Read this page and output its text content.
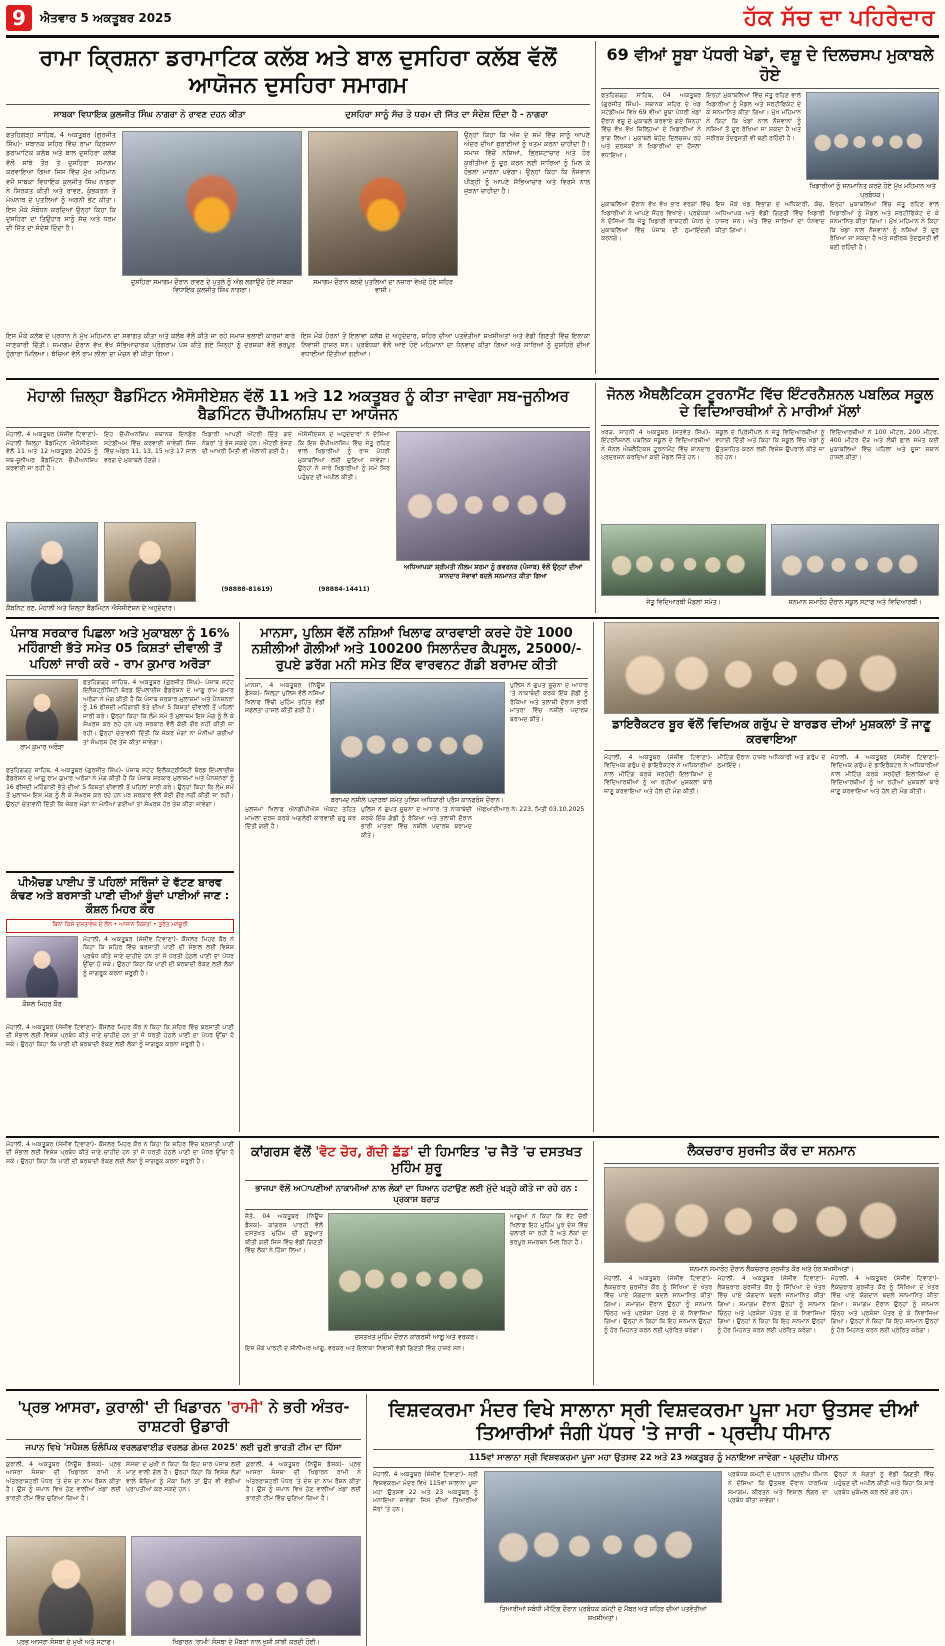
9	ਐਤਵਾਰ 5 ਅਕਤੂਬਰ 2025	ਹੱਕ ਸੱਚ ਦਾ ਪਹਿਰੇਦਾਰ
ਰਾਮਾ ਕ੍ਰਿਸ਼ਨਾ ਡਰਾਮਾਟਿਕ ਕਲੱਬ ਅਤੇ ਬਾਲ ਦੁਸਹਿਰਾ ਕਲੱਬ ਵੱਲੋਂ ਆਯੋਜਨ ਦੁਸਹਿਰਾ ਸਮਾਗਮ
ਸਾਬਕਾ ਵਿਧਾਇਕ ਕੁਲਜੀਤ ਸਿੰਘ ਨਾਗਰਾ ਨੇ ਰਾਵਣ ਦਹਨ ਕੀਤਾ	ਦੁਸਹਿਰਾ ਸਾਨੂੰ ਸੱਚ ਤੇ ਧਰਮ ਦੀ ਜਿੱਤ ਦਾ ਸੰਦੇਸ਼ ਦਿੰਦਾ ਹੈ - ਨਾਗਰਾ
ਫਤਹਿਗੜ੍ਹ ਸਾਹਿਬ, 4 ਅਕਤੂਬਰ (ਗੁਰਜੀਤ ਸਿੰਘ)- ਸਥਾਨਕ ਸ਼ਹਿਰ ਵਿੱਚ ਰਾਮਾ ਕ੍ਰਿਸ਼ਨਾ ਡਰਾਮਾਟਿਕ ਕਲੱਬ ਅਤੇ ਬਾਲ ਦੁਸਹਿਰਾ ਕਲੱਬ ਵੱਲੋਂ ਸਾਂਝੇ ਤੌਰ ਤੇ ਦੁਸਹਿਰਾ ਸਮਾਗਮ ਕਰਵਾਇਆ ਗਿਆ ਜਿਸ ਵਿੱਚ ਮੁੱਖ ਮਹਿਮਾਨ ਵਜੋਂ ਸਾਬਕਾ ਵਿਧਾਇਕ ਕੁਲਜੀਤ ਸਿੰਘ ਨਾਗਰਾ ਨੇ ਸ਼ਿਰਕਤ ਕੀਤੀ ਅਤੇ ਰਾਵਣ, ਕੁੰਭਕਰਨ ਤੇ ਮੇਘਨਾਥ ਦੇ ਪੁਤਲਿਆਂ ਨੂੰ ਅਗਨੀ ਭੇਂਟ ਕੀਤਾ। ਇਸ ਮੌਕੇ ਸੰਬੋਧਨ ਕਰਦਿਆਂ ਉਨ੍ਹਾਂ ਕਿਹਾ ਕਿ ਦੁਸਹਿਰਾ ਦਾ ਤਿਉਹਾਰ ਸਾਨੂੰ ਸੱਚ ਅਤੇ ਧਰਮ ਦੀ ਜਿੱਤ ਦਾ ਸੰਦੇਸ਼ ਦਿੰਦਾ ਹੈ।
ਦੁਸਹਿਰਾ ਸਮਾਗਮ ਦੌਰਾਨ ਰਾਵਣ ਦੇ ਪੁਤਲੇ ਨੂੰ ਅੱਗ ਲਗਾਉਂਦੇ ਹੋਏ ਸਾਬਕਾ ਵਿਧਾਇਕ ਕੁਲਜੀਤ ਸਿੰਘ ਨਾਗਰਾ।
ਸਮਾਗਮ ਦੌਰਾਨ ਬਲਦੇ ਪੁਤਲਿਆਂ ਦਾ ਨਜ਼ਾਰਾ ਵੇਖਦੇ ਹੋਏ ਸ਼ਹਿਰ ਵਾਸੀ।
ਉਨ੍ਹਾਂ ਕਿਹਾ ਕਿ ਅੱਜ ਦੇ ਸਮੇਂ ਵਿੱਚ ਸਾਨੂੰ ਆਪਣੇ ਅੰਦਰ ਦੀਆਂ ਬੁਰਾਈਆਂ ਨੂੰ ਖਤਮ ਕਰਨਾ ਚਾਹੀਦਾ ਹੈ। ਸਮਾਜ ਵਿੱਚੋਂ ਨਸ਼ਿਆਂ, ਭ੍ਰਿਸ਼ਟਾਚਾਰ ਅਤੇ ਹੋਰ ਕੁਰੀਤੀਆਂ ਨੂੰ ਦੂਰ ਕਰਨ ਲਈ ਸਾਰਿਆਂ ਨੂੰ ਮਿਲ ਕੇ ਹੰਭਲਾ ਮਾਰਨਾ ਪਵੇਗਾ। ਉਨ੍ਹਾਂ ਕਿਹਾ ਕਿ ਨੌਜਵਾਨ ਪੀੜ੍ਹੀ ਨੂੰ ਆਪਣੇ ਸੱਭਿਆਚਾਰ ਅਤੇ ਵਿਰਸੇ ਨਾਲ ਜੁੜਨਾ ਚਾਹੀਦਾ ਹੈ।
ਇਸ ਮੌਕੇ ਕਲੱਬ ਦੇ ਪ੍ਰਧਾਨ ਨੇ ਮੁੱਖ ਮਹਿਮਾਨ ਦਾ ਸਵਾਗਤ ਕੀਤਾ ਅਤੇ ਕਲੱਬ ਵੱਲੋਂ ਕੀਤੇ ਜਾ ਰਹੇ ਸਮਾਜ ਭਲਾਈ ਕਾਰਜਾਂ ਬਾਰੇ ਜਾਣਕਾਰੀ ਦਿੱਤੀ। ਸਮਾਗਮ ਦੌਰਾਨ ਵੱਖ ਵੱਖ ਸੱਭਿਆਚਾਰਕ ਪ੍ਰੋਗਰਾਮ ਪੇਸ਼ ਕੀਤੇ ਗਏ ਜਿਨ੍ਹਾਂ ਨੂੰ ਦਰਸ਼ਕਾਂ ਵੱਲੋਂ ਭਰਪੂਰ ਹੁੰਗਾਰਾ ਮਿਲਿਆ। ਬੱਚਿਆਂ ਵੱਲੋਂ ਰਾਮ ਲੀਲਾ ਦਾ ਮੰਚਨ ਵੀ ਕੀਤਾ ਗਿਆ।
ਇਸ ਮੌਕੇ ਹੋਰਨਾਂ ਤੋਂ ਇਲਾਵਾ ਕਲੱਬ ਦੇ ਅਹੁਦੇਦਾਰ, ਸ਼ਹਿਰ ਦੀਆਂ ਪਤਵੰਤੀਆਂ ਸ਼ਖਸੀਅਤਾਂ ਅਤੇ ਵੱਡੀ ਗਿਣਤੀ ਵਿੱਚ ਇਲਾਕਾ ਨਿਵਾਸੀ ਹਾਜ਼ਰ ਸਨ। ਪ੍ਰਬੰਧਕਾਂ ਵੱਲੋਂ ਆਏ ਹੋਏ ਮਹਿਮਾਨਾਂ ਦਾ ਧੰਨਵਾਦ ਕੀਤਾ ਗਿਆ ਅਤੇ ਸਾਰਿਆਂ ਨੂੰ ਦੁਸਹਿਰੇ ਦੀਆਂ ਵਧਾਈਆਂ ਦਿੱਤੀਆਂ ਗਈਆਂ।
69 ਵੀਆਂ ਸੂਬਾ ਪੱਧਰੀ ਖੇਡਾਂ, ਵਸ਼ੂ ਦੇ ਦਿਲਚਸਪ ਮੁਕਾਬਲੇ ਹੋਏ
ਫਤਹਿਗੜ੍ਹ ਸਾਹਿਬ, 04 ਅਕਤੂਬਰ (ਗੁਰਜੀਤ ਸਿੰਘ)- ਸਥਾਨਕ ਸ਼ਹਿਰ ਦੇ ਖੇਡ ਸਟੇਡੀਅਮ ਵਿਖੇ 69 ਵੀਆਂ ਸੂਬਾ ਪੱਧਰੀ ਖੇਡਾਂ ਦੌਰਾਨ ਵਸ਼ੂ ਦੇ ਮੁਕਾਬਲੇ ਕਰਵਾਏ ਗਏ ਜਿਨ੍ਹਾਂ ਵਿੱਚ ਵੱਖ ਵੱਖ ਜ਼ਿਲ੍ਹਿਆਂ ਦੇ ਖਿਡਾਰੀਆਂ ਨੇ ਭਾਗ ਲਿਆ। ਮੁਕਾਬਲੇ ਬੇਹੱਦ ਦਿਲਚਸਪ ਰਹੇ ਅਤੇ ਦਰਸ਼ਕਾਂ ਨੇ ਖਿਡਾਰੀਆਂ ਦਾ ਹੌਸਲਾ ਵਧਾਇਆ।
ਇਨ੍ਹਾਂ ਮੁਕਾਬਲਿਆਂ ਵਿੱਚ ਜੇਤੂ ਰਹਿਣ ਵਾਲੇ ਖਿਡਾਰੀਆਂ ਨੂੰ ਮੈਡਲ ਅਤੇ ਸਰਟੀਫਿਕੇਟ ਦੇ ਕੇ ਸਨਮਾਨਿਤ ਕੀਤਾ ਗਿਆ। ਮੁੱਖ ਮਹਿਮਾਨ ਨੇ ਕਿਹਾ ਕਿ ਖੇਡਾਂ ਨਾਲ ਨੌਜਵਾਨਾਂ ਨੂੰ ਨਸ਼ਿਆਂ ਤੋਂ ਦੂਰ ਰੱਖਿਆ ਜਾ ਸਕਦਾ ਹੈ ਅਤੇ ਸਰੀਰਕ ਤੰਦਰੁਸਤੀ ਵੀ ਬਣੀ ਰਹਿੰਦੀ ਹੈ।
ਖਿਡਾਰੀਆਂ ਨੂੰ ਸਨਮਾਨਿਤ ਕਰਦੇ ਹੋਏ ਮੁੱਖ ਮਹਿਮਾਨ ਅਤੇ ਪ੍ਰਬੰਧਕ।
ਮੁਕਾਬਲਿਆਂ ਦੌਰਾਨ ਵੱਖ ਵੱਖ ਭਾਰ ਵਰਗਾਂ ਵਿੱਚ ਖਿਡਾਰੀਆਂ ਨੇ ਆਪਣੇ ਜੌਹਰ ਵਿਖਾਏ। ਪ੍ਰਬੰਧਕਾਂ ਨੇ ਦੱਸਿਆ ਕਿ ਜੇਤੂ ਖਿਡਾਰੀ ਰਾਸ਼ਟਰੀ ਪੱਧਰ ਦੇ ਮੁਕਾਬਲਿਆਂ ਵਿੱਚ ਪੰਜਾਬ ਦੀ ਨੁਮਾਇੰਦਗੀ ਕਰਨਗੇ।
ਇਸ ਮੌਕੇ ਖੇਡ ਵਿਭਾਗ ਦੇ ਅਧਿਕਾਰੀ, ਕੋਚ, ਅਧਿਆਪਕ ਅਤੇ ਵੱਡੀ ਗਿਣਤੀ ਵਿੱਚ ਖਿਡਾਰੀ ਹਾਜ਼ਰ ਸਨ। ਅੰਤ ਵਿੱਚ ਸਾਰਿਆਂ ਦਾ ਧੰਨਵਾਦ ਕੀਤਾ ਗਿਆ।
ਇਨ੍ਹਾਂ ਮੁਕਾਬਲਿਆਂ ਵਿੱਚ ਜੇਤੂ ਰਹਿਣ ਵਾਲੇ ਖਿਡਾਰੀਆਂ ਨੂੰ ਮੈਡਲ ਅਤੇ ਸਰਟੀਫਿਕੇਟ ਦੇ ਕੇ ਸਨਮਾਨਿਤ ਕੀਤਾ ਗਿਆ। ਮੁੱਖ ਮਹਿਮਾਨ ਨੇ ਕਿਹਾ ਕਿ ਖੇਡਾਂ ਨਾਲ ਨੌਜਵਾਨਾਂ ਨੂੰ ਨਸ਼ਿਆਂ ਤੋਂ ਦੂਰ ਰੱਖਿਆ ਜਾ ਸਕਦਾ ਹੈ ਅਤੇ ਸਰੀਰਕ ਤੰਦਰੁਸਤੀ ਵੀ ਬਣੀ ਰਹਿੰਦੀ ਹੈ।
ਮੋਹਾਲੀ ਜ਼ਿਲ੍ਹਾ ਬੈਡਮਿੰਟਨ ਐਸੋਸੀਏਸ਼ਨ ਵੱਲੋਂ 11 ਅਤੇ 12 ਅਕਤੂਬਰ ਨੂੰ ਕੀਤਾ ਜਾਵੇਗਾ ਸਬ-ਜੂਨੀਅਰ ਬੈਡਮਿੰਟਨ ਚੈਂਪੀਅਨਸ਼ਿਪ ਦਾ ਆਯੋਜਨ
ਮੋਹਾਲੀ, 4 ਅਕਤੂਬਰ (ਸੰਜੀਵ ਟਿਵਾਣਾ)- ਮੋਹਾਲੀ ਜ਼ਿਲ੍ਹਾ ਬੈਡਮਿੰਟਨ ਐਸੋਸੀਏਸ਼ਨ ਵੱਲੋਂ 11 ਅਤੇ 12 ਅਕਤੂਬਰ 2025 ਨੂੰ ਸਬ-ਜੂਨੀਅਰ ਬੈਡਮਿੰਟਨ ਚੈਂਪੀਅਨਸ਼ਿਪ ਕਰਵਾਈ ਜਾ ਰਹੀ ਹੈ।
ਇਹ ਚੈਂਪੀਅਨਸ਼ਿਪ ਸਥਾਨਕ ਇਨਡੋਰ ਸਟੇਡੀਅਮ ਵਿੱਚ ਕਰਵਾਈ ਜਾਵੇਗੀ ਜਿਸ ਵਿੱਚ ਅੰਡਰ 11, 13, 15 ਅਤੇ 17 ਸਾਲ ਵਰਗ ਦੇ ਮੁਕਾਬਲੇ ਹੋਣਗੇ।
ਖਿਡਾਰੀ ਆਪਣੀ ਐਂਟਰੀ ਦਿੱਤੇ ਗਏ ਨੰਬਰਾਂ 'ਤੇ ਭੇਜ ਸਕਦੇ ਹਨ। ਐਂਟਰੀ ਭੇਜਣ ਦੀ ਆਖਰੀ ਮਿਤੀ ਵੀ ਐਲਾਨੀ ਗਈ ਹੈ।
(98888-81619)
ਐਸੋਸੀਏਸ਼ਨ ਦੇ ਅਹੁਦੇਦਾਰਾਂ ਨੇ ਦੱਸਿਆ ਕਿ ਇਸ ਚੈਂਪੀਅਨਸ਼ਿਪ ਵਿੱਚ ਜੇਤੂ ਰਹਿਣ ਵਾਲੇ ਖਿਡਾਰੀਆਂ ਨੂੰ ਰਾਜ ਪੱਧਰੀ ਮੁਕਾਬਲਿਆਂ ਲਈ ਚੁਣਿਆ ਜਾਵੇਗਾ। ਉਨ੍ਹਾਂ ਨੇ ਸਾਰੇ ਖਿਡਾਰੀਆਂ ਨੂੰ ਸਮੇਂ ਸਿਰ ਪਹੁੰਚਣ ਦੀ ਅਪੀਲ ਕੀਤੀ।
(98884-14411)
ਅਧਿਆਪਕਾ ਸ਼੍ਰੀਮਤੀ ਨੀਲਮ ਸ਼ਰਮਾ ਨੂੰ ਗਵਰਨਰ (ਪੰਜਾਬ) ਵੱਲੋਂ ਉਨ੍ਹਾਂ ਦੀਆਂ ਸ਼ਾਨਦਾਰ ਸੇਵਾਵਾਂ ਬਦਲੇ ਸਨਮਾਨਤ ਕੀਤਾ ਗਿਆ
ਕੈਬਨਿਟ ਰਣ, ਮੋਹਾਲੀ ਅਤੇ ਜ਼ਿਲ੍ਹਾ ਬੈਡਮਿੰਟਨ ਐਸੋਸੀਏਸ਼ਨ ਦੇ ਅਹੁਦੇਦਾਰ।
ਜੋਨਲ ਐਥਲੈਟਿਕਸ ਟੂਰਨਾਮੈਂਟ ਵਿੱਚ ਇੰਟਰਨੈਸ਼ਨਲ ਪਬਲਿਕ ਸਕੂਲ ਦੇ ਵਿਦਿਆਰਥੀਆਂ ਨੇ ਮਾਰੀਆਂ ਮੱਲਾਂ
ਖਰੜ, ਸਾਹਨੀ 4 ਅਕਤੂਬਰ (ਸਤਵੰਤ ਸਿੰਘ)- ਇੰਟਰਨੈਸ਼ਨਲ ਪਬਲਿਕ ਸਕੂਲ ਦੇ ਵਿਦਿਆਰਥੀਆਂ ਨੇ ਜੋਨਲ ਐਥਲੈਟਿਕਸ ਟੂਰਨਾਮੈਂਟ ਵਿੱਚ ਸ਼ਾਨਦਾਰ ਪ੍ਰਦਰਸ਼ਨ ਕਰਦਿਆਂ ਕਈ ਮੈਡਲ ਜਿੱਤੇ ਹਨ।
ਸਕੂਲ ਦੇ ਪ੍ਰਿੰਸੀਪਲ ਨੇ ਜੇਤੂ ਵਿਦਿਆਰਥੀਆਂ ਨੂੰ ਵਧਾਈ ਦਿੱਤੀ ਅਤੇ ਕਿਹਾ ਕਿ ਸਕੂਲ ਵਿੱਚ ਖੇਡਾਂ ਨੂੰ ਉਤਸ਼ਾਹਿਤ ਕਰਨ ਲਈ ਵਿਸ਼ੇਸ਼ ਉਪਰਾਲੇ ਕੀਤੇ ਜਾ ਰਹੇ ਹਨ।
ਵਿਦਿਆਰਥੀਆਂ ਨੇ 100 ਮੀਟਰ, 200 ਮੀਟਰ, 400 ਮੀਟਰ ਦੌੜ ਅਤੇ ਲੰਬੀ ਛਾਲ ਸਮੇਤ ਕਈ ਮੁਕਾਬਲਿਆਂ ਵਿੱਚ ਪਹਿਲਾ ਅਤੇ ਦੂਜਾ ਸਥਾਨ ਹਾਸਲ ਕੀਤਾ।
ਜੇਤੂ ਵਿਦਿਆਰਥੀ ਮੈਡਲਾਂ ਸਮੇਤ।	ਸਨਮਾਨ ਸਮਾਰੋਹ ਦੌਰਾਨ ਸਕੂਲ ਸਟਾਫ ਅਤੇ ਵਿਦਿਆਰਥੀ।
ਪੰਜਾਬ ਸਰਕਾਰ ਪਿਛਲਾ ਅਤੇ ਮੁਕਾਬਲਾ ਨੂੰ 16% ਮਹਿੰਗਾਈ ਭੱਤੇ ਸਮੇਤ 05 ਕਿਸ਼ਤਾਂ ਦੀਵਾਲੀ ਤੋਂ ਪਹਿਲਾਂ ਜਾਰੀ ਕਰੇ - ਰਾਮ ਕੁਮਾਰ ਅਰੋੜਾ
ਰਾਮ ਕੁਮਾਰ ਅਰੋੜਾ
ਫਤਹਿਗੜ੍ਹ ਸਾਹਿਬ, 4 ਅਕਤੂਬਰ (ਗੁਰਜੀਤ ਸਿੰਘ)- ਪੰਜਾਬ ਸਟੇਟ ਇਲੈਕਟ੍ਰੀਸਿਟੀ ਬੋਰਡ ਇੰਪਲਾਈਜ਼ ਫੈਡਰੇਸ਼ਨ ਦੇ ਆਗੂ ਰਾਮ ਕੁਮਾਰ ਅਰੋੜਾ ਨੇ ਮੰਗ ਕੀਤੀ ਹੈ ਕਿ ਪੰਜਾਬ ਸਰਕਾਰ ਮੁਲਾਜ਼ਮਾਂ ਅਤੇ ਪੈਨਸ਼ਨਰਾਂ ਨੂੰ 16 ਫੀਸਦੀ ਮਹਿੰਗਾਈ ਭੱਤੇ ਦੀਆਂ 5 ਕਿਸ਼ਤਾਂ ਦੀਵਾਲੀ ਤੋਂ ਪਹਿਲਾਂ ਜਾਰੀ ਕਰੇ। ਉਨ੍ਹਾਂ ਕਿਹਾ ਕਿ ਲੰਮੇ ਸਮੇਂ ਤੋਂ ਮੁਲਾਜ਼ਮ ਇਸ ਮੰਗ ਨੂੰ ਲੈ ਕੇ ਸੰਘਰਸ਼ ਕਰ ਰਹੇ ਹਨ ਪਰ ਸਰਕਾਰ ਵੱਲੋਂ ਕੋਈ ਗੌਰ ਨਹੀਂ ਕੀਤੀ ਜਾ ਰਹੀ। ਉਨ੍ਹਾਂ ਚੇਤਾਵਨੀ ਦਿੱਤੀ ਕਿ ਜੇਕਰ ਮੰਗਾਂ ਨਾ ਮੰਨੀਆਂ ਗਈਆਂ ਤਾਂ ਸੰਘਰਸ਼ ਹੋਰ ਤੇਜ਼ ਕੀਤਾ ਜਾਵੇਗਾ।
ਫਤਹਿਗੜ੍ਹ ਸਾਹਿਬ, 4 ਅਕਤੂਬਰ (ਗੁਰਜੀਤ ਸਿੰਘ)- ਪੰਜਾਬ ਸਟੇਟ ਇਲੈਕਟ੍ਰੀਸਿਟੀ ਬੋਰਡ ਇੰਪਲਾਈਜ਼ ਫੈਡਰੇਸ਼ਨ ਦੇ ਆਗੂ ਰਾਮ ਕੁਮਾਰ ਅਰੋੜਾ ਨੇ ਮੰਗ ਕੀਤੀ ਹੈ ਕਿ ਪੰਜਾਬ ਸਰਕਾਰ ਮੁਲਾਜ਼ਮਾਂ ਅਤੇ ਪੈਨਸ਼ਨਰਾਂ ਨੂੰ 16 ਫੀਸਦੀ ਮਹਿੰਗਾਈ ਭੱਤੇ ਦੀਆਂ 5 ਕਿਸ਼ਤਾਂ ਦੀਵਾਲੀ ਤੋਂ ਪਹਿਲਾਂ ਜਾਰੀ ਕਰੇ। ਉਨ੍ਹਾਂ ਕਿਹਾ ਕਿ ਲੰਮੇ ਸਮੇਂ ਤੋਂ ਮੁਲਾਜ਼ਮ ਇਸ ਮੰਗ ਨੂੰ ਲੈ ਕੇ ਸੰਘਰਸ਼ ਕਰ ਰਹੇ ਹਨ ਪਰ ਸਰਕਾਰ ਵੱਲੋਂ ਕੋਈ ਗੌਰ ਨਹੀਂ ਕੀਤੀ ਜਾ ਰਹੀ। ਉਨ੍ਹਾਂ ਚੇਤਾਵਨੀ ਦਿੱਤੀ ਕਿ ਜੇਕਰ ਮੰਗਾਂ ਨਾ ਮੰਨੀਆਂ ਗਈਆਂ ਤਾਂ ਸੰਘਰਸ਼ ਹੋਰ ਤੇਜ਼ ਕੀਤਾ ਜਾਵੇਗਾ।
ਪੀਐਚਡ ਪਾਈਪ ਤੋਂ ਪਹਿਲਾਂ ਸਰਿੰਜਾਂ ਦੇ ਵੱਟਣ ਬਾਰਵ ਕੰਢਣ ਅਤੇ ਬਰਸਾਤੀ ਪਾਣੀ ਦੀਆਂ ਬੂੰਦਾਂ ਪਾਈਆਂ ਜਾਣ : ਕੌਸ਼ਲ ਮਿਹਰ ਕੌਰ
ਬਿਨਾਂ ਕਿਸੇ ਦਸਤਾਵੇਜ਼ ਦੇ ਲੋਨ • ਆਸਾਨ ਕਿਸ਼ਤਾਂ • ਤੁਰੰਤ ਮਨਜ਼ੂਰੀ
ਕੌਸ਼ਲ ਮਿਹਰ ਕੌਰ
ਮੋਹਾਲੀ, 4 ਅਕਤੂਬਰ (ਸੰਜੀਵ ਟਿਵਾਣਾ)- ਕੌਂਸਲਰ ਮਿਹਰ ਕੌਰ ਨੇ ਕਿਹਾ ਕਿ ਸ਼ਹਿਰ ਵਿੱਚ ਬਰਸਾਤੀ ਪਾਣੀ ਦੀ ਸੰਭਾਲ ਲਈ ਵਿਸ਼ੇਸ਼ ਪ੍ਰਬੰਧ ਕੀਤੇ ਜਾਣੇ ਚਾਹੀਦੇ ਹਨ ਤਾਂ ਜੋ ਧਰਤੀ ਹੇਠਲੇ ਪਾਣੀ ਦਾ ਪੱਧਰ ਉੱਚਾ ਹੋ ਸਕੇ। ਉਨ੍ਹਾਂ ਕਿਹਾ ਕਿ ਪਾਣੀ ਦੀ ਬਰਬਾਦੀ ਰੋਕਣ ਲਈ ਲੋਕਾਂ ਨੂੰ ਜਾਗਰੂਕ ਕਰਨਾ ਜ਼ਰੂਰੀ ਹੈ।
ਮੋਹਾਲੀ, 4 ਅਕਤੂਬਰ (ਸੰਜੀਵ ਟਿਵਾਣਾ)- ਕੌਂਸਲਰ ਮਿਹਰ ਕੌਰ ਨੇ ਕਿਹਾ ਕਿ ਸ਼ਹਿਰ ਵਿੱਚ ਬਰਸਾਤੀ ਪਾਣੀ ਦੀ ਸੰਭਾਲ ਲਈ ਵਿਸ਼ੇਸ਼ ਪ੍ਰਬੰਧ ਕੀਤੇ ਜਾਣੇ ਚਾਹੀਦੇ ਹਨ ਤਾਂ ਜੋ ਧਰਤੀ ਹੇਠਲੇ ਪਾਣੀ ਦਾ ਪੱਧਰ ਉੱਚਾ ਹੋ ਸਕੇ। ਉਨ੍ਹਾਂ ਕਿਹਾ ਕਿ ਪਾਣੀ ਦੀ ਬਰਬਾਦੀ ਰੋਕਣ ਲਈ ਲੋਕਾਂ ਨੂੰ ਜਾਗਰੂਕ ਕਰਨਾ ਜ਼ਰੂਰੀ ਹੈ।
ਮਾਨਸਾ, ਪੁਲਿਸ ਵੱਲੋਂ ਨਸ਼ਿਆਂ ਖਿਲਾਫ ਕਾਰਵਾਈ ਕਰਦੇ ਹੋਏ 1000 ਨਸ਼ੀਲੀਆਂ ਗੋਲੀਆਂ ਅਤੇ 100200 ਸਿਲਾਨੰਦਰ ਕੈਪਸੂਲ, 25000/- ਰੁਪਏ ਡਰੱਗ ਮਨੀ ਸਮੇਤ ਇੱਕ ਵਾਰਵਨਟ ਗੱਡੀ ਬਰਾਮਦ ਕੀਤੀ
ਮਾਨਸਾ, 4 ਅਕਤੂਬਰ (ਨਿਊਜ਼ ਡੈਸਕ)- ਜ਼ਿਲ੍ਹਾ ਪੁਲਿਸ ਵੱਲੋਂ ਨਸ਼ਿਆਂ ਖਿਲਾਫ ਵਿੱਢੀ ਮੁਹਿੰਮ ਤਹਿਤ ਵੱਡੀ ਸਫਲਤਾ ਹਾਸਲ ਕੀਤੀ ਗਈ ਹੈ।
ਬਰਾਮਦ ਨਸ਼ੀਲੇ ਪਦਾਰਥਾਂ ਸਮੇਤ ਪੁਲਿਸ ਅਧਿਕਾਰੀ ਪ੍ਰੈਸ ਕਾਨਫਰੰਸ ਦੌਰਾਨ।
ਪੁਲਿਸ ਨੇ ਗੁਪਤ ਸੂਚਨਾ ਦੇ ਆਧਾਰ 'ਤੇ ਨਾਕਾਬੰਦੀ ਕਰਕੇ ਇੱਕ ਗੱਡੀ ਨੂੰ ਰੋਕਿਆ ਅਤੇ ਤਲਾਸ਼ੀ ਦੌਰਾਨ ਭਾਰੀ ਮਾਤਰਾ ਵਿੱਚ ਨਸ਼ੀਲੇ ਪਦਾਰਥ ਬਰਾਮਦ ਕੀਤੇ।
ਮੁਲਜ਼ਮਾਂ ਖਿਲਾਫ ਐਨਡੀਪੀਐਸ ਐਕਟ ਤਹਿਤ ਮਾਮਲਾ ਦਰਜ ਕਰਕੇ ਅਗਲੇਰੀ ਕਾਰਵਾਈ ਸ਼ੁਰੂ ਕਰ ਦਿੱਤੀ ਗਈ ਹੈ।
ਪੁਲਿਸ ਨੇ ਗੁਪਤ ਸੂਚਨਾ ਦੇ ਆਧਾਰ 'ਤੇ ਨਾਕਾਬੰਦੀ ਕਰਕੇ ਇੱਕ ਗੱਡੀ ਨੂੰ ਰੋਕਿਆ ਅਤੇ ਤਲਾਸ਼ੀ ਦੌਰਾਨ ਭਾਰੀ ਮਾਤਰਾ ਵਿੱਚ ਨਸ਼ੀਲੇ ਪਦਾਰਥ ਬਰਾਮਦ ਕੀਤੇ।
ਐਫਆਈਆਰ ਨੰ: 223, ਮਿਤੀ 03.10.2025
ਡਾਇਰੈਕਟਰ ਬੂਰ ਵੱਲੋਂ ਵਿਦਿਅਕ ਗਰੁੱਪ ਦੇ ਬਾਰਡਰ ਦੀਆਂ ਮੁਸ਼ਕਲਾਂ ਤੋਂ ਜਾਣੂ ਕਰਵਾਇਆ
ਮੋਹਾਲੀ, 4 ਅਕਤੂਬਰ (ਸੰਜੀਵ ਟਿਵਾਣਾ)- ਵਿਦਿਅਕ ਗਰੁੱਪ ਦੇ ਡਾਇਰੈਕਟਰ ਨੇ ਅਧਿਕਾਰੀਆਂ ਨਾਲ ਮੀਟਿੰਗ ਕਰਕੇ ਸਰਹੱਦੀ ਇਲਾਕਿਆਂ ਦੇ ਵਿਦਿਆਰਥੀਆਂ ਨੂੰ ਆ ਰਹੀਆਂ ਮੁਸ਼ਕਲਾਂ ਬਾਰੇ ਜਾਣੂ ਕਰਵਾਇਆ ਅਤੇ ਹੱਲ ਦੀ ਮੰਗ ਕੀਤੀ।
ਮੀਟਿੰਗ ਦੌਰਾਨ ਹਾਜ਼ਰ ਅਧਿਕਾਰੀ ਅਤੇ ਗਰੁੱਪ ਦੇ ਨੁਮਾਇੰਦੇ।
ਮੋਹਾਲੀ, 4 ਅਕਤੂਬਰ (ਸੰਜੀਵ ਟਿਵਾਣਾ)- ਵਿਦਿਅਕ ਗਰੁੱਪ ਦੇ ਡਾਇਰੈਕਟਰ ਨੇ ਅਧਿਕਾਰੀਆਂ ਨਾਲ ਮੀਟਿੰਗ ਕਰਕੇ ਸਰਹੱਦੀ ਇਲਾਕਿਆਂ ਦੇ ਵਿਦਿਆਰਥੀਆਂ ਨੂੰ ਆ ਰਹੀਆਂ ਮੁਸ਼ਕਲਾਂ ਬਾਰੇ ਜਾਣੂ ਕਰਵਾਇਆ ਅਤੇ ਹੱਲ ਦੀ ਮੰਗ ਕੀਤੀ।
ਮੋਹਾਲੀ, 4 ਅਕਤੂਬਰ (ਸੰਜੀਵ ਟਿਵਾਣਾ)- ਕੌਂਸਲਰ ਮਿਹਰ ਕੌਰ ਨੇ ਕਿਹਾ ਕਿ ਸ਼ਹਿਰ ਵਿੱਚ ਬਰਸਾਤੀ ਪਾਣੀ ਦੀ ਸੰਭਾਲ ਲਈ ਵਿਸ਼ੇਸ਼ ਪ੍ਰਬੰਧ ਕੀਤੇ ਜਾਣੇ ਚਾਹੀਦੇ ਹਨ ਤਾਂ ਜੋ ਧਰਤੀ ਹੇਠਲੇ ਪਾਣੀ ਦਾ ਪੱਧਰ ਉੱਚਾ ਹੋ ਸਕੇ। ਉਨ੍ਹਾਂ ਕਿਹਾ ਕਿ ਪਾਣੀ ਦੀ ਬਰਬਾਦੀ ਰੋਕਣ ਲਈ ਲੋਕਾਂ ਨੂੰ ਜਾਗਰੂਕ ਕਰਨਾ ਜ਼ਰੂਰੀ ਹੈ।
ਕਾਂਗਰਸ ਵੱਲੋਂ 'ਵੋਟ ਚੋਰ, ਗੱਦੀ ਛੱਡ' ਦੀ ਹਿਮਾਇਤ 'ਚ ਜੈਤੋ 'ਚ ਦਸਤਖਤ ਮੁਹਿੰਮ ਸ਼ੁਰੂ
ਭਾਜਪਾ ਵੱਲੋਂ ਅਾਪਣੀਆਂ ਨਾਕਾਮੀਆਂ ਨਾਲ ਲੋਕਾਂ ਦਾ ਧਿਆਨ ਹਟਾਉਣ ਲਈ ਮੁੱਦੇ ਖੜ੍ਹੇ ਕੀਤੇ ਜਾ ਰਹੇ ਹਨ : ਪ੍ਰਕਾਸ਼ ਬਰਾੜ
ਜੈਤੋ, 04 ਅਕਤੂਬਰ (ਨਿਊਜ਼ ਡੈਸਕ)- ਕਾਂਗਰਸ ਪਾਰਟੀ ਵੱਲੋਂ ਦਸਤਖਤ ਮੁਹਿੰਮ ਦੀ ਸ਼ੁਰੂਆਤ ਕੀਤੀ ਗਈ ਜਿਸ ਵਿੱਚ ਵੱਡੀ ਗਿਣਤੀ ਵਿੱਚ ਲੋਕਾਂ ਨੇ ਹਿੱਸਾ ਲਿਆ।
ਦਸਤਖਤ ਮੁਹਿੰਮ ਦੌਰਾਨ ਕਾਂਗਰਸੀ ਆਗੂ ਅਤੇ ਵਰਕਰ।
ਆਗੂਆਂ ਨੇ ਕਿਹਾ ਕਿ ਵੋਟ ਚੋਰੀ ਖਿਲਾਫ ਇਹ ਮੁਹਿੰਮ ਪੂਰੇ ਦੇਸ਼ ਵਿੱਚ ਚਲਾਈ ਜਾ ਰਹੀ ਹੈ ਅਤੇ ਲੋਕਾਂ ਦਾ ਭਰਪੂਰ ਸਮਰਥਨ ਮਿਲ ਰਿਹਾ ਹੈ।
ਇਸ ਮੌਕੇ ਪਾਰਟੀ ਦੇ ਸੀਨੀਅਰ ਆਗੂ, ਵਰਕਰ ਅਤੇ ਇਲਾਕਾ ਨਿਵਾਸੀ ਵੱਡੀ ਗਿਣਤੀ ਵਿੱਚ ਹਾਜ਼ਰ ਸਨ।
ਲੈਕਚਰਾਰ ਸੁਰਜੀਤ ਕੌਰ ਦਾ ਸਨਮਾਨ
ਸਨਮਾਨ ਸਮਾਰੋਹ ਦੌਰਾਨ ਲੈਕਚਰਾਰ ਸੁਰਜੀਤ ਕੌਰ ਅਤੇ ਹੋਰ ਸ਼ਖਸੀਅਤਾਂ।
ਮੋਹਾਲੀ, 4 ਅਕਤੂਬਰ (ਸੰਜੀਵ ਟਿਵਾਣਾ)- ਲੈਕਚਰਾਰ ਸੁਰਜੀਤ ਕੌਰ ਨੂੰ ਸਿੱਖਿਆ ਦੇ ਖੇਤਰ ਵਿੱਚ ਪਾਏ ਯੋਗਦਾਨ ਬਦਲੇ ਸਨਮਾਨਿਤ ਕੀਤਾ ਗਿਆ। ਸਮਾਗਮ ਦੌਰਾਨ ਉਨ੍ਹਾਂ ਨੂੰ ਸਨਮਾਨ ਚਿੰਨ੍ਹ ਅਤੇ ਪ੍ਰਸ਼ੰਸਾ ਪੱਤਰ ਦੇ ਕੇ ਨਿਵਾਜਿਆ ਗਿਆ। ਉਨ੍ਹਾਂ ਨੇ ਕਿਹਾ ਕਿ ਇਹ ਸਨਮਾਨ ਉਨ੍ਹਾਂ ਨੂੰ ਹੋਰ ਮਿਹਨਤ ਕਰਨ ਲਈ ਪ੍ਰੇਰਿਤ ਕਰੇਗਾ।
ਮੋਹਾਲੀ, 4 ਅਕਤੂਬਰ (ਸੰਜੀਵ ਟਿਵਾਣਾ)- ਲੈਕਚਰਾਰ ਸੁਰਜੀਤ ਕੌਰ ਨੂੰ ਸਿੱਖਿਆ ਦੇ ਖੇਤਰ ਵਿੱਚ ਪਾਏ ਯੋਗਦਾਨ ਬਦਲੇ ਸਨਮਾਨਿਤ ਕੀਤਾ ਗਿਆ। ਸਮਾਗਮ ਦੌਰਾਨ ਉਨ੍ਹਾਂ ਨੂੰ ਸਨਮਾਨ ਚਿੰਨ੍ਹ ਅਤੇ ਪ੍ਰਸ਼ੰਸਾ ਪੱਤਰ ਦੇ ਕੇ ਨਿਵਾਜਿਆ ਗਿਆ। ਉਨ੍ਹਾਂ ਨੇ ਕਿਹਾ ਕਿ ਇਹ ਸਨਮਾਨ ਉਨ੍ਹਾਂ ਨੂੰ ਹੋਰ ਮਿਹਨਤ ਕਰਨ ਲਈ ਪ੍ਰੇਰਿਤ ਕਰੇਗਾ।
ਮੋਹਾਲੀ, 4 ਅਕਤੂਬਰ (ਸੰਜੀਵ ਟਿਵਾਣਾ)- ਲੈਕਚਰਾਰ ਸੁਰਜੀਤ ਕੌਰ ਨੂੰ ਸਿੱਖਿਆ ਦੇ ਖੇਤਰ ਵਿੱਚ ਪਾਏ ਯੋਗਦਾਨ ਬਦਲੇ ਸਨਮਾਨਿਤ ਕੀਤਾ ਗਿਆ। ਸਮਾਗਮ ਦੌਰਾਨ ਉਨ੍ਹਾਂ ਨੂੰ ਸਨਮਾਨ ਚਿੰਨ੍ਹ ਅਤੇ ਪ੍ਰਸ਼ੰਸਾ ਪੱਤਰ ਦੇ ਕੇ ਨਿਵਾਜਿਆ ਗਿਆ। ਉਨ੍ਹਾਂ ਨੇ ਕਿਹਾ ਕਿ ਇਹ ਸਨਮਾਨ ਉਨ੍ਹਾਂ ਨੂੰ ਹੋਰ ਮਿਹਨਤ ਕਰਨ ਲਈ ਪ੍ਰੇਰਿਤ ਕਰੇਗਾ।
'ਪ੍ਰਭ ਆਸਰਾ, ਕੁਰਾਲੀ' ਦੀ ਖਿਡਾਰਨ 'ਰਾਮੀ' ਨੇ ਭਰੀ ਅੰਤਰ-ਰਾਸ਼ਟਰੀ ਉਡਾਰੀ
ਜਪਾਨ ਵਿਖੇ 'ਸਪੈਸ਼ਲ ਓਲੰਪਿਕ ਵਰਲਡਵਾਈਡ ਵਰਲਡ ਗੇਮਜ਼ 2025' ਲਈ ਚੁਣੀ ਭਾਰਤੀ ਟੀਮ ਦਾ ਹਿੱਸਾ
ਕੁਰਾਲੀ, 4 ਅਕਤੂਬਰ (ਨਿਊਜ਼ ਡੈਸਕ)- ਪ੍ਰਭ ਆਸਰਾ ਸੰਸਥਾ ਦੀ ਖਿਡਾਰਨ ਰਾਮੀ ਨੇ ਅੰਤਰਰਾਸ਼ਟਰੀ ਪੱਧਰ 'ਤੇ ਦੇਸ਼ ਦਾ ਨਾਮ ਰੌਸ਼ਨ ਕੀਤਾ ਹੈ। ਉਸ ਨੂੰ ਜਪਾਨ ਵਿਖੇ ਹੋਣ ਵਾਲੀਆਂ ਖੇਡਾਂ ਲਈ ਭਾਰਤੀ ਟੀਮ ਵਿੱਚ ਚੁਣਿਆ ਗਿਆ ਹੈ।
ਸੰਸਥਾ ਦੇ ਮੁਖੀ ਨੇ ਕਿਹਾ ਕਿ ਇਹ ਸਾਰੇ ਪੰਜਾਬ ਲਈ ਮਾਣ ਵਾਲੀ ਗੱਲ ਹੈ। ਉਨ੍ਹਾਂ ਕਿਹਾ ਕਿ ਵਿਸ਼ੇਸ਼ ਲੋੜਾਂ ਵਾਲੇ ਬੱਚਿਆਂ ਨੂੰ ਮੌਕਾ ਮਿਲੇ ਤਾਂ ਉਹ ਵੀ ਵੱਡੀਆਂ ਪ੍ਰਾਪਤੀਆਂ ਕਰ ਸਕਦੇ ਹਨ।
ਕੁਰਾਲੀ, 4 ਅਕਤੂਬਰ (ਨਿਊਜ਼ ਡੈਸਕ)- ਪ੍ਰਭ ਆਸਰਾ ਸੰਸਥਾ ਦੀ ਖਿਡਾਰਨ ਰਾਮੀ ਨੇ ਅੰਤਰਰਾਸ਼ਟਰੀ ਪੱਧਰ 'ਤੇ ਦੇਸ਼ ਦਾ ਨਾਮ ਰੌਸ਼ਨ ਕੀਤਾ ਹੈ। ਉਸ ਨੂੰ ਜਪਾਨ ਵਿਖੇ ਹੋਣ ਵਾਲੀਆਂ ਖੇਡਾਂ ਲਈ ਭਾਰਤੀ ਟੀਮ ਵਿੱਚ ਚੁਣਿਆ ਗਿਆ ਹੈ।
ਪ੍ਰਭ ਆਸਰਾ ਸੰਸਥਾ ਦੇ ਮੁਖੀ ਅਤੇ ਸਟਾਫ।	ਖਿਡਾਰਨ 'ਰਾਮੀ' ਸੰਸਥਾ ਦੇ ਮੈਂਬਰਾਂ ਨਾਲ ਖੁਸ਼ੀ ਸਾਂਝੀ ਕਰਦੀ ਹੋਈ।
ਵਿਸ਼ਵਕਰਮਾ ਮੰਦਰ ਵਿਖੇ ਸਾਲਾਨਾ ਸ੍ਰੀ ਵਿਸ਼ਵਕਰਮਾ ਪੂਜਾ ਮਹਾ ਉਤਸਵ ਦੀਆਂ ਤਿਆਰੀਆਂ ਜੰਗੀ ਪੱਧਰ 'ਤੇ ਜਾਰੀ - ਪ੍ਰਦੀਪ ਧੀਮਾਨ
115ਵਾਂ ਸਾਲਾਨਾ ਸ੍ਰੀ ਵਿਸ਼ਵਕਰਮਾ ਪੂਜਾ ਮਹਾ ਉਤਸਵ 22 ਅਤੇ 23 ਅਕਤੂਬਰ ਨੂੰ ਮਨਾਇਆ ਜਾਵੇਗਾ - ਪ੍ਰਦੀਪ ਧੀਮਾਨ
ਮੋਹਾਲੀ, 4 ਅਕਤੂਬਰ (ਸੰਜੀਵ ਟਿਵਾਣਾ)- ਸ੍ਰੀ ਵਿਸ਼ਵਕਰਮਾ ਮੰਦਰ ਵਿਖੇ 115ਵਾਂ ਸਾਲਾਨਾ ਪੂਜਾ ਮਹਾ ਉਤਸਵ 22 ਅਤੇ 23 ਅਕਤੂਬਰ ਨੂੰ ਮਨਾਇਆ ਜਾਵੇਗਾ ਜਿਸ ਦੀਆਂ ਤਿਆਰੀਆਂ ਜ਼ੋਰਾਂ 'ਤੇ ਹਨ।
ਤਿਆਰੀਆਂ ਸਬੰਧੀ ਮੀਟਿੰਗ ਦੌਰਾਨ ਪ੍ਰਬੰਧਕ ਕਮੇਟੀ ਦੇ ਮੈਂਬਰ ਅਤੇ ਸ਼ਹਿਰ ਦੀਆਂ ਪਤਵੰਤੀਆਂ ਸ਼ਖਸੀਅਤਾਂ।
ਪ੍ਰਬੰਧਕ ਕਮੇਟੀ ਦੇ ਪ੍ਰਧਾਨ ਪ੍ਰਦੀਪ ਧੀਮਾਨ ਨੇ ਦੱਸਿਆ ਕਿ ਉਤਸਵ ਦੌਰਾਨ ਧਾਰਮਿਕ ਸਮਾਗਮ, ਕੀਰਤਨ ਅਤੇ ਵਿਸ਼ਾਲ ਲੰਗਰ ਦਾ ਪ੍ਰਬੰਧ ਕੀਤਾ ਜਾਵੇਗਾ।
ਉਨ੍ਹਾਂ ਨੇ ਸੰਗਤਾਂ ਨੂੰ ਵੱਡੀ ਗਿਣਤੀ ਵਿੱਚ ਪਹੁੰਚਣ ਦੀ ਅਪੀਲ ਕੀਤੀ ਅਤੇ ਕਿਹਾ ਕਿ ਸਾਰੇ ਪ੍ਰਬੰਧ ਮੁਕੰਮਲ ਕਰ ਲਏ ਗਏ ਹਨ।
